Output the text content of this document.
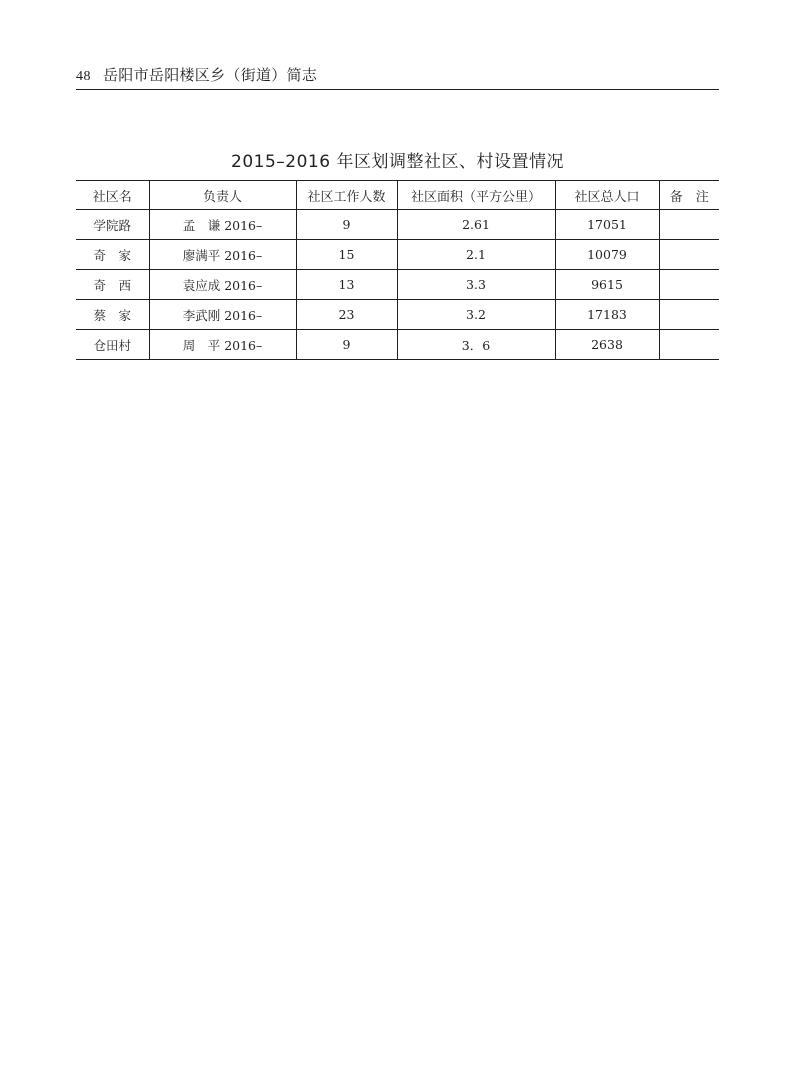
48 岳阳市岳阳楼区乡（街道）简志
2015–2016 年区划调整社区、村设置情况
社区名	负责人	社区工作人数	社区面积（平方公里）	社区总人口	备　注
学院路	孟　谦 2016–	9	2.61	17051	
奇　家	廖满平 2016–	15	2.1	10079	
奇　西	袁应成 2016–	13	3.3	9615	
蔡　家	李武刚 2016–	23	3.2	17183	
仓田村	周　平 2016–	9	3．6	2638	
